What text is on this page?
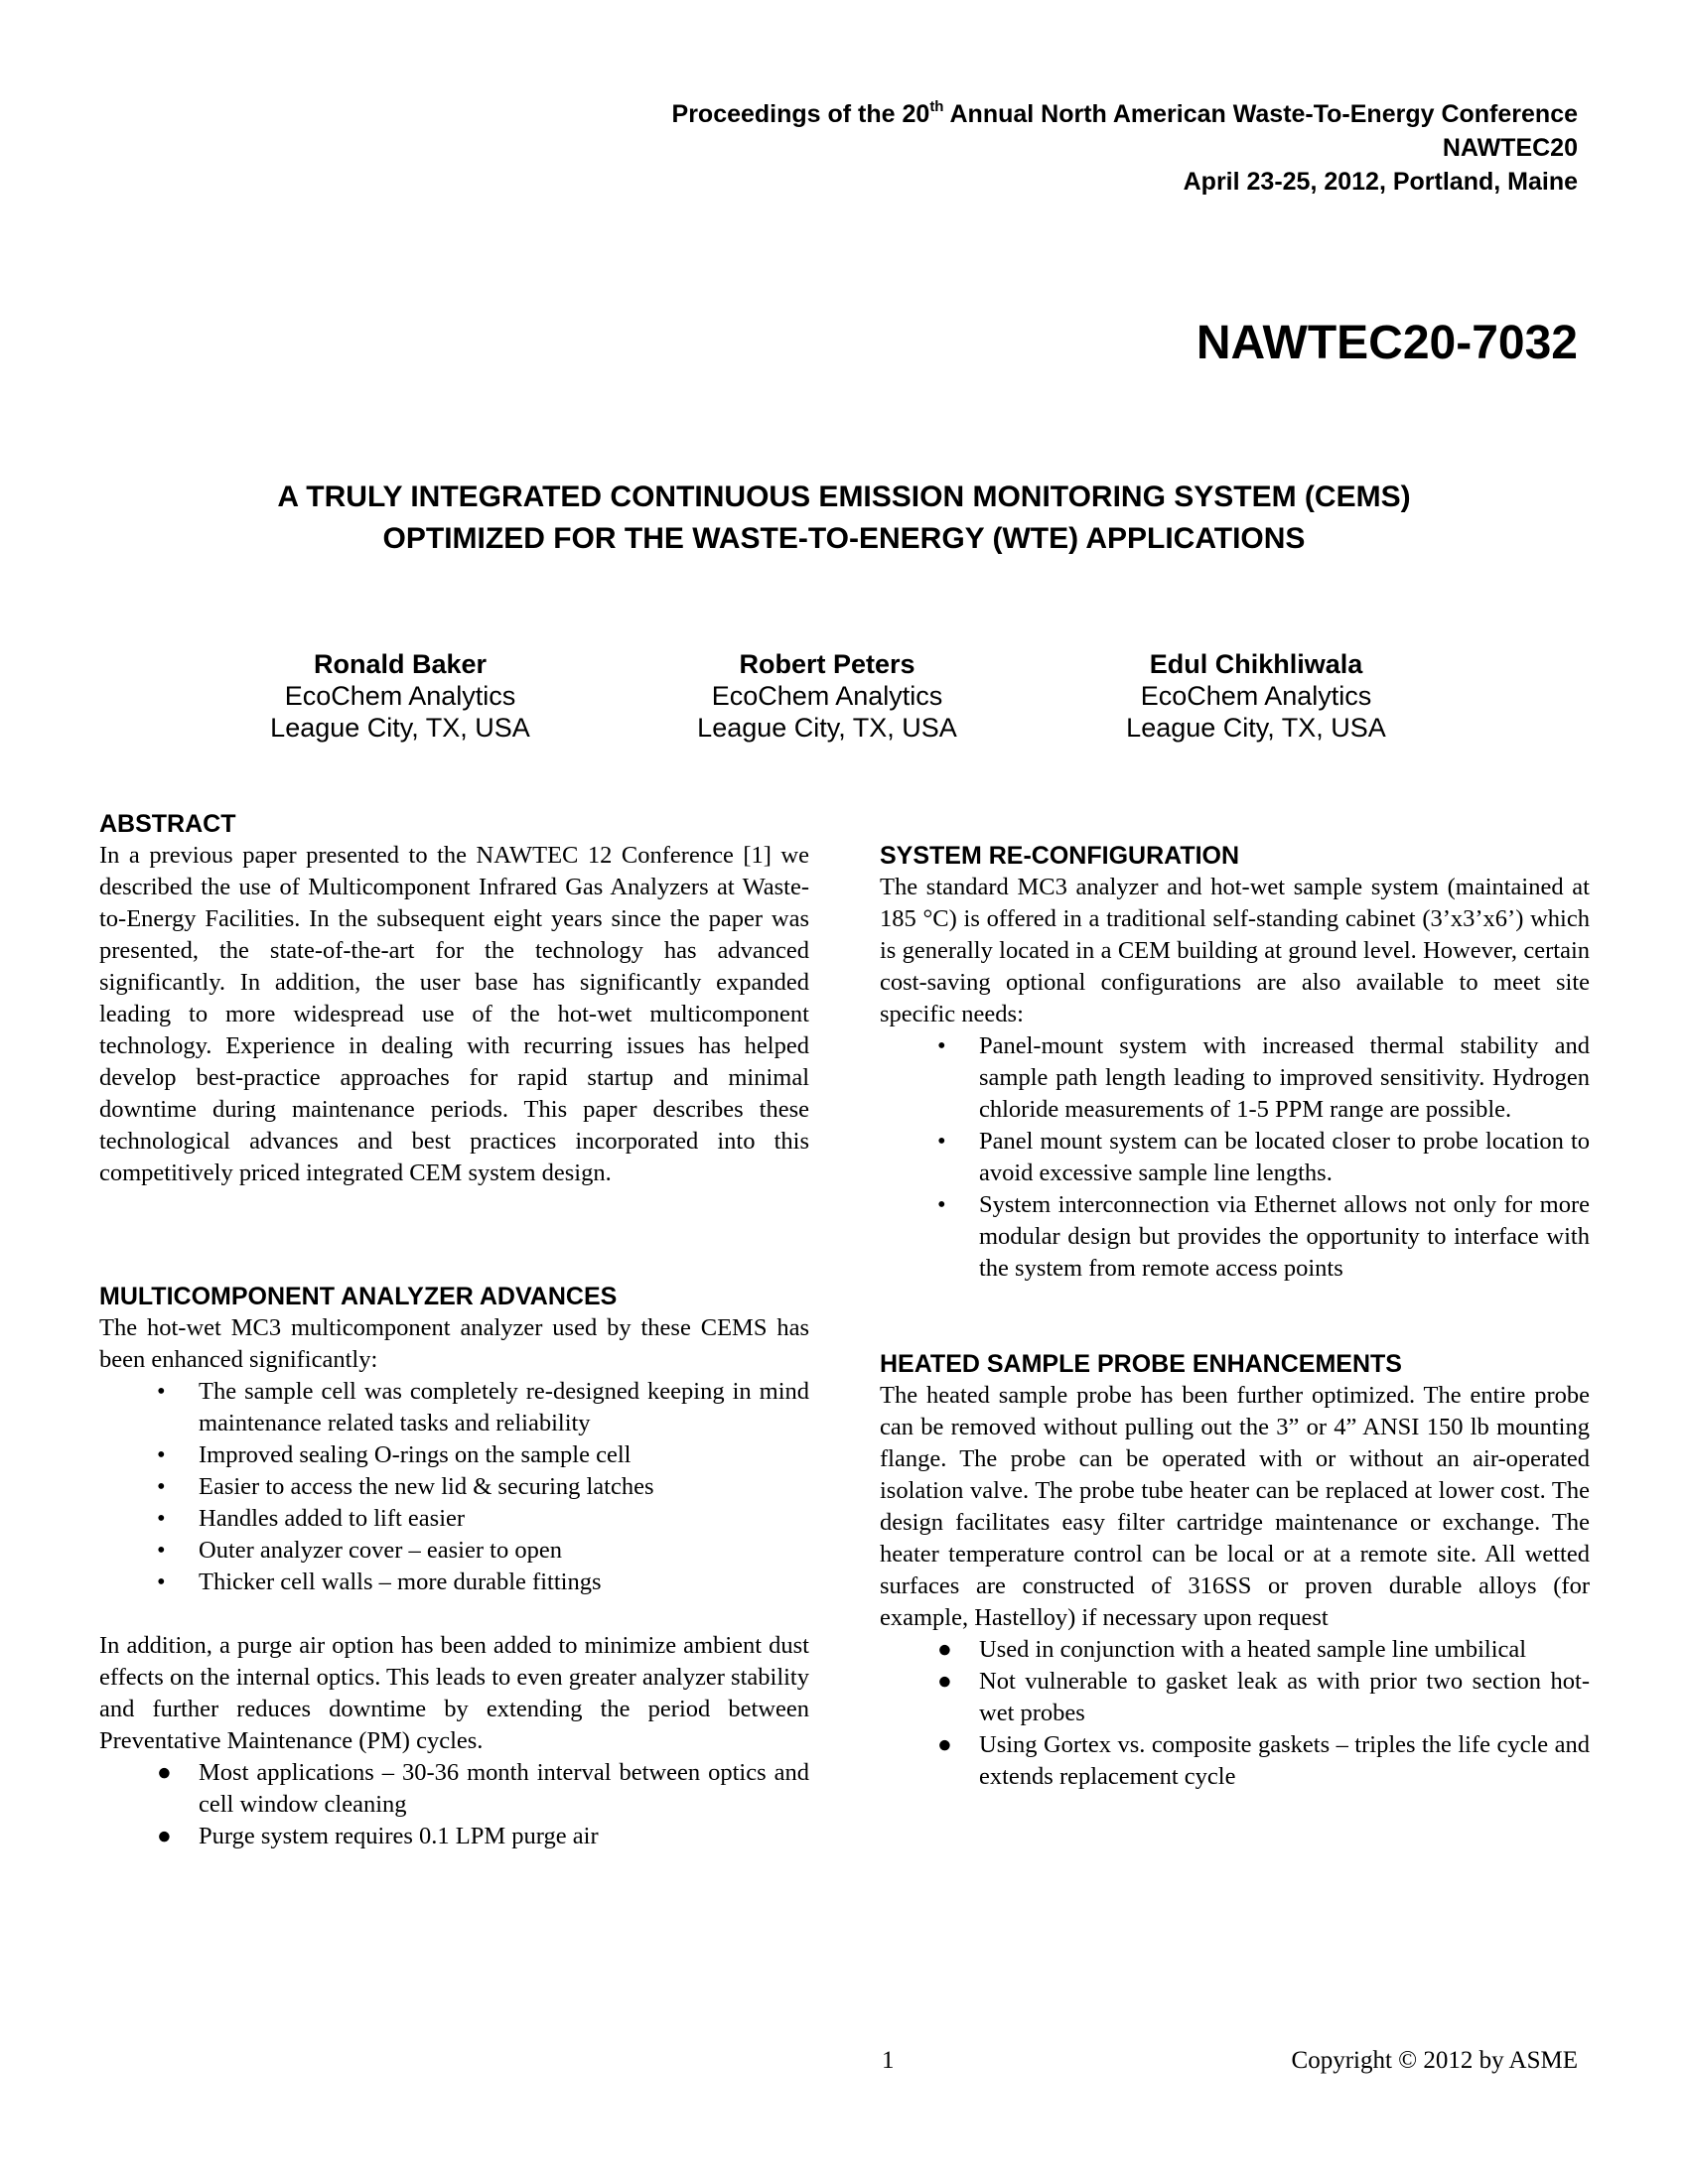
Proceedings of the 20th Annual North American Waste-To-Energy Conference
NAWTEC20
April 23-25, 2012, Portland, Maine
NAWTEC20-7032
A TRULY INTEGRATED CONTINUOUS EMISSION MONITORING SYSTEM (CEMS)
OPTIMIZED FOR THE WASTE-TO-ENERGY (WTE) APPLICATIONS
Ronald Baker
EcoChem Analytics
League City, TX, USA
Robert Peters
EcoChem Analytics
League City, TX, USA
Edul Chikhliwala
EcoChem Analytics
League City, TX, USA
ABSTRACT

In a previous paper presented to the NAWTEC 12 Conference [1] we described the use of Multicomponent Infrared Gas Analyzers at Waste-to-Energy Facilities. In the subsequent eight years since the paper was presented, the state-of-the-art for the technology has advanced significantly. In addition, the user base has significantly expanded leading to more widespread use of the hot-wet multicomponent technology. Experience in dealing with recurring issues has helped develop best-practice approaches for rapid startup and minimal downtime during maintenance periods. This paper describes these technological advances and best practices incorporated into this competitively priced integrated CEM system design.

MULTICOMPONENT ANALYZER ADVANCES

The hot-wet MC3 multicomponent analyzer used by these CEMS has been enhanced significantly:

• The sample cell was completely re-designed keeping in mind maintenance related tasks and reliability
• Improved sealing O-rings on the sample cell
• Easier to access the new lid & securing latches
• Handles added to lift easier
• Outer analyzer cover – easier to open
• Thicker cell walls – more durable fittings

In addition, a purge air option has been added to minimize ambient dust effects on the internal optics. This leads to even greater analyzer stability and further reduces downtime by extending the period between Preventative Maintenance (PM) cycles.

● Most applications – 30-36 month interval between optics and cell window cleaning
● Purge system requires 0.1 LPM purge air
SYSTEM RE-CONFIGURATION

The standard MC3 analyzer and hot-wet sample system (maintained at 185 °C) is offered in a traditional self-standing cabinet (3’x3’x6’) which is generally located in a CEM building at ground level. However, certain cost-saving optional configurations are also available to meet site specific needs:

• Panel-mount system with increased thermal stability and sample path length leading to improved sensitivity. Hydrogen chloride measurements of 1-5 PPM range are possible.
• Panel mount system can be located closer to probe location to avoid excessive sample line lengths.
• System interconnection via Ethernet allows not only for more modular design but provides the opportunity to interface with the system from remote access points
HEATED SAMPLE PROBE ENHANCEMENTS

The heated sample probe has been further optimized. The entire probe can be removed without pulling out the 3” or 4” ANSI 150 lb mounting flange. The probe can be operated with or without an air-operated isolation valve. The probe tube heater can be replaced at lower cost. The design facilitates easy filter cartridge maintenance or exchange. The heater temperature control can be local or at a remote site. All wetted surfaces are constructed of 316SS or proven durable alloys (for example, Hastelloy) if necessary upon request

● Used in conjunction with a heated sample line umbilical
● Not vulnerable to gasket leak as with prior two section hot-wet probes
● Using Gortex vs. composite gaskets – triples the life cycle and extends replacement cycle
1	Copyright © 2012 by ASME
